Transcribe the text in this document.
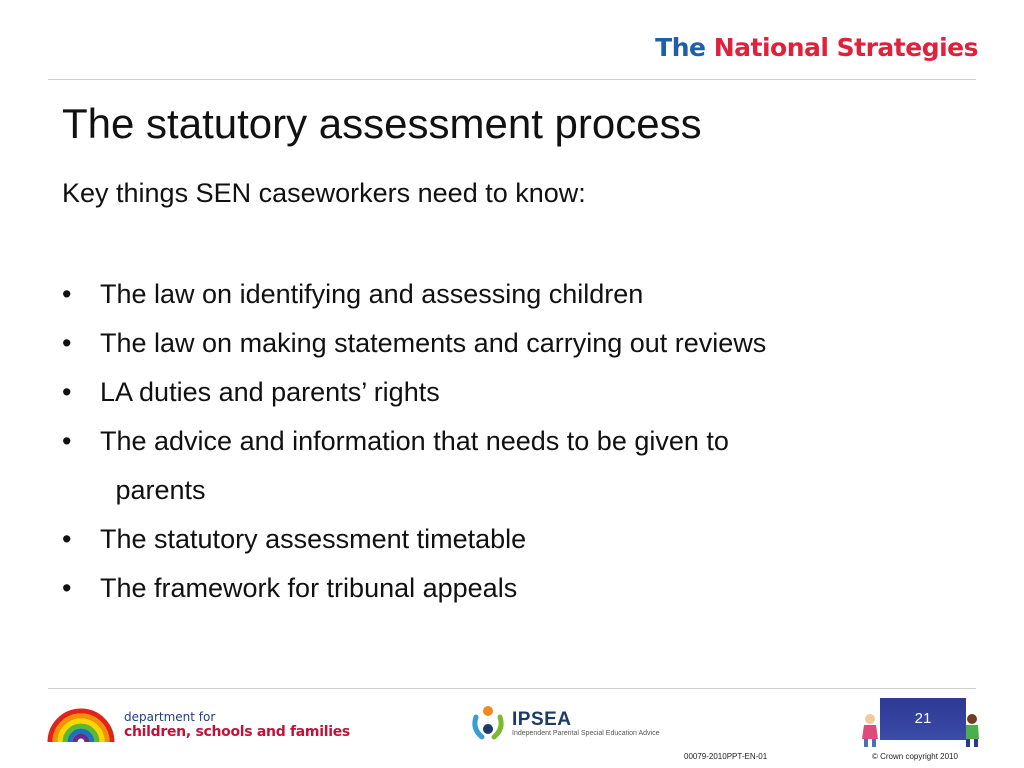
The National Strategies
The statutory assessment process
Key things SEN caseworkers need to know:
•	The law on identifying and assessing children
•	The law on making statements and carrying out reviews
•	LA duties and parents’ rights
•	The advice and information that needs to be given to
parents
•	The statutory assessment timetable
•	The framework for tribunal appeals
department for
children, schools and families
IPSEA
Independent Parental Special Education Advice
21
00079-2010PPT-EN-01	© Crown copyright 2010
